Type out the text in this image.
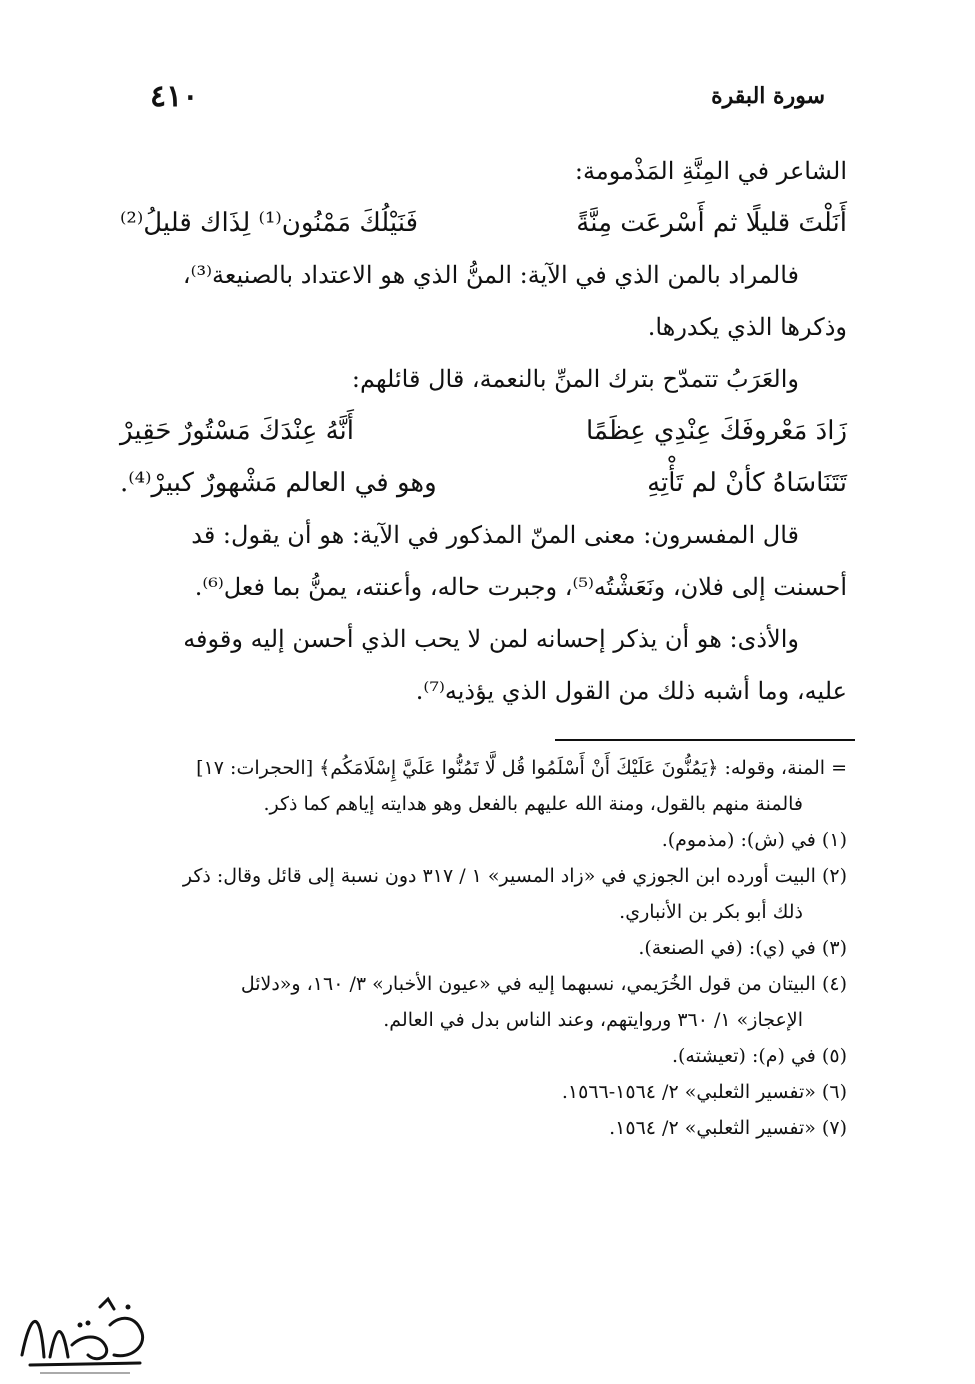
سورة البقرة
٤١٠
الشاعر في المِنَّةِ المَذْمومة:
أَنَلْتَ قليلًا ثم أَسْرعَت مِنَّةً
فَنَيْلُكَ مَمْنُون⁽¹⁾ لِذَاك قليلُ⁽²⁾
فالمراد بالمن الذي في الآية: المنُّ الذي هو الاعتداد بالصنيعة⁽³⁾،
وذكرها الذي يكدرها.
والعَرَبُ تتمدّح بترك المنِّ بالنعمة، قال قائلهم:
زَادَ مَعْروفَكَ عِنْدِي عِظَمًا
أَنَّهُ عِنْدَكَ مَسْتُورٌ حَقِيرْ
تَتَنَاسَاهُ كأنْ لم تَأْتِهِ
وهو في العالم مَشْهورٌ كبيرْ⁽⁴⁾.
قال المفسرون: معنى المنّ المذكور في الآية: هو أن يقول: قد
أحسنت إلى فلان، ونَعَشْتُه⁽⁵⁾، وجبرت حاله، وأعنته، يمنُّ بما فعل⁽⁶⁾.
والأذى: هو أن يذكر إحسانه لمن لا يحب الذي أحسن إليه وقوفه
عليه، وما أشبه ذلك من القول الذي يؤذيه⁽⁷⁾.
= المنة، وقوله: ﴿يَمُنُّونَ عَلَيْكَ أَنْ أَسْلَمُوا قُل لَّا تَمُنُّوا عَلَيَّ إِسْلَامَكُم﴾ [الحجرات: ١٧]
فالمنة منهم بالقول، ومنة الله عليهم بالفعل وهو هدايته إياهم كما ذكر.
(١) في (ش): (مذموم).
(٢) البيت أورده ابن الجوزي في «زاد المسير» ١ / ٣١٧ دون نسبة إلى قائل وقال: ذكر
ذلك أبو بكر بن الأنباري.
(٣) في (ي): (في الصنعة).
(٤) البيتان من قول الخُرَيمي، نسبهما إليه في «عيون الأخبار» ٣/ ١٦٠، و«دلائل
الإعجاز» ١/ ٣٦٠ وروايتهم، وعند الناس بدل في العالم.
(٥) في (م): (تعيشته).
(٦) «تفسير الثعلبي» ٢/ ١٥٦٤-١٥٦٦.
(٧) «تفسير الثعلبي» ٢/ ١٥٦٤.
